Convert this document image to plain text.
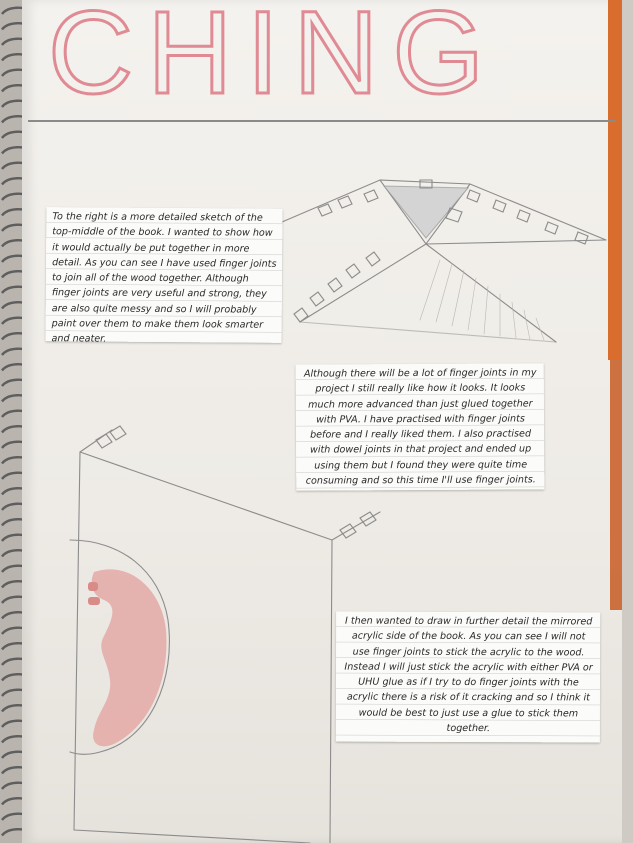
CHING
To the right is a more detailed sketch of the top-middle of the book. I wanted to show how it would actually be put together in more detail. As you can see I have used finger joints to join all of the wood together. Although finger joints are very useful and strong, they are also quite messy and so I will probably paint over them to make them look smarter and neater.
Although there will be a lot of finger joints in my project I still really like how it looks. It looks much more advanced than just glued together with PVA. I have practised with finger joints before and I really liked them. I also practised with dowel joints in that project and ended up using them but I found they were quite time consuming and so this time I'll use finger joints.
I then wanted to draw in further detail the mirrored acrylic side of the book. As you can see I will not use finger joints to stick the acrylic to the wood. Instead I will just stick the acrylic with either PVA or UHU glue as if I try to do finger joints with the acrylic there is a risk of it cracking and so I think it would be best to just use a glue to stick them together.
